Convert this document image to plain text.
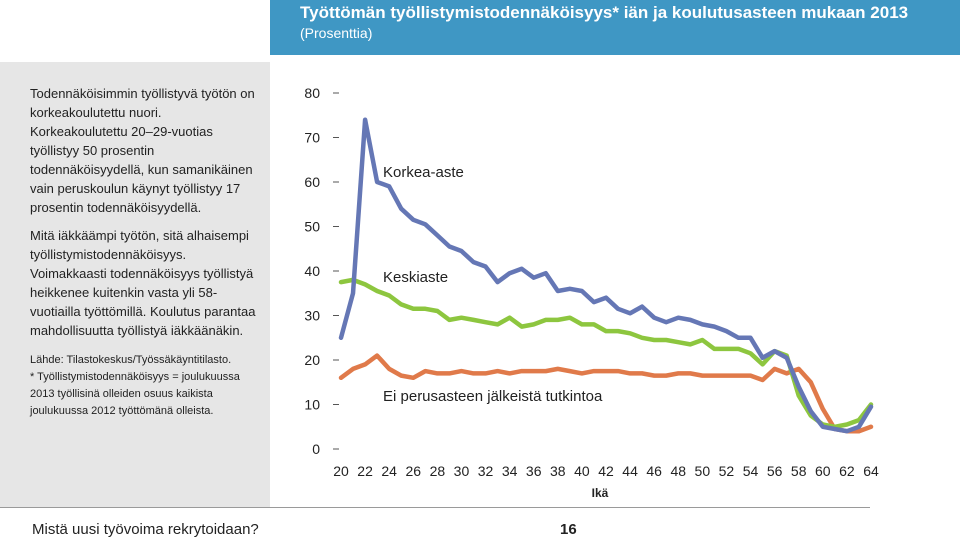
Työttömän työllistymistodennäköisyys* iän ja koulutusasteen mukaan 2013
(Prosenttia)

Todennäköisimmin työllistyvä työtön on korkeakoulutettu nuori. Korkeakoulutettu 20–29-vuotias työllistyy 50 prosentin todennäköisyydellä, kun samanikäinen vain peruskoulun käynyt työllistyy 17 prosentin todennäköisyydellä.

Mitä iäkkäämpi työtön, sitä alhaisempi työllistymistodennäköisyys. Voimakkaasti todennäköisyys työllistyä heikkenee kuitenkin vasta yli 58-vuotiailla työttömillä. Koulutus parantaa mahdollisuutta työllistyä iäkkäänäkin.

Lähde: Tilastokeskus/Työssäkäyntitilasto.

* Työllistymistodennäköisyys = joulukuussa 2013 työllisinä olleiden osuus kaikista joulukuussa 2012 työttömänä olleista.

0
10
20
30
40
50
60
70
80
20 22 24 26 28 30 32 34 36 38 40 42 44 46 48 50 52 54 56 58 60 62 64
Ikä
Korkea-aste
Keskiaste
Ei perusasteen jälkeistä tutkintoa
Mistä uusi työvoima rekrytoidaan?	16
